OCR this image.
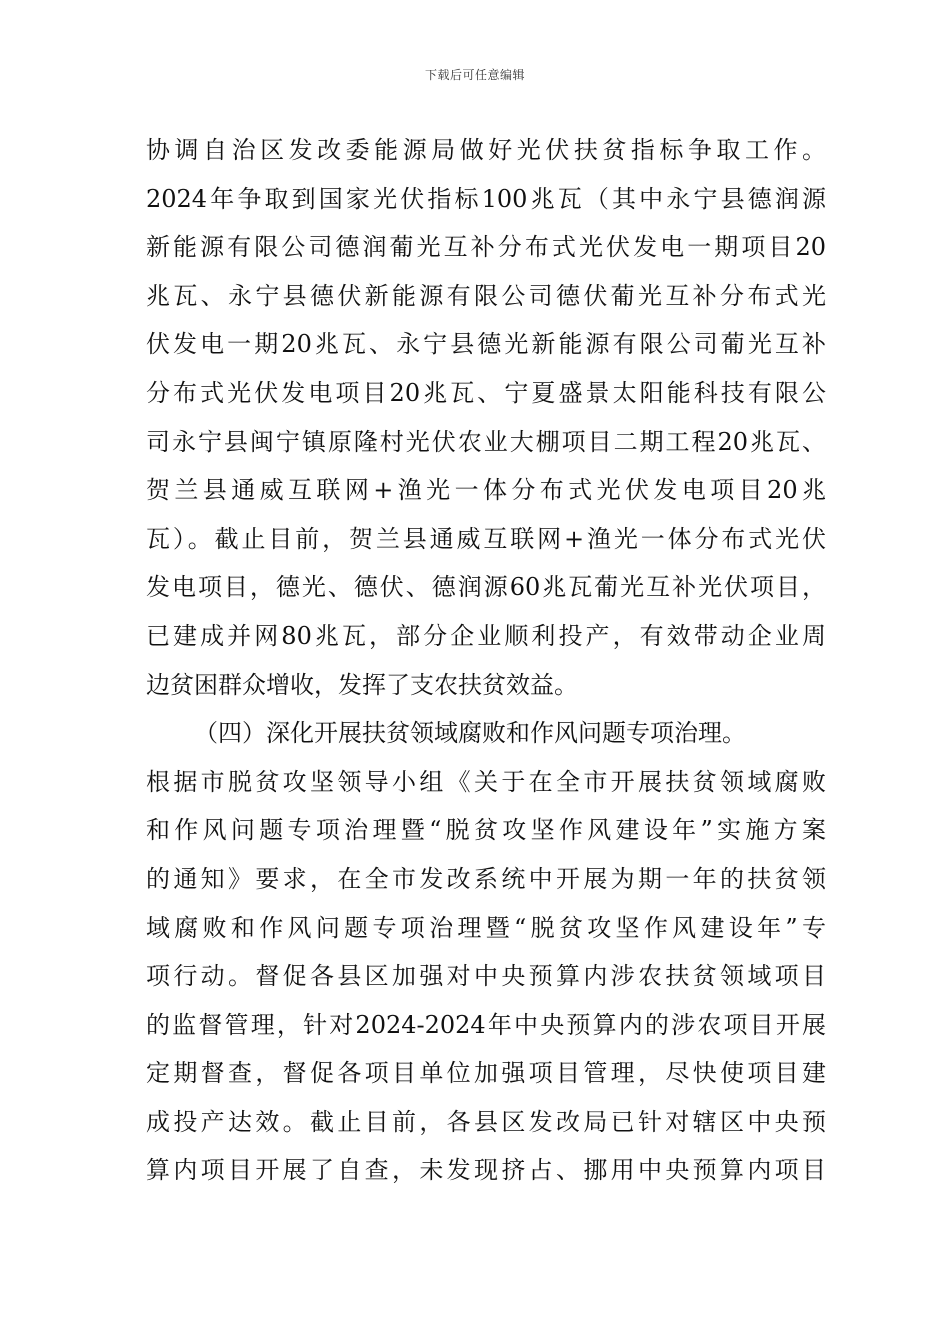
下载后可任意编辑
协调自治区发改委能源局做好光伏扶贫指标争取工作。
2024年争取到国家光伏指标100兆瓦（其中永宁县德润源
新能源有限公司德润葡光互补分布式光伏发电一期项目20
兆瓦、永宁县德伏新能源有限公司德伏葡光互补分布式光
伏发电一期20兆瓦、永宁县德光新能源有限公司葡光互补
分布式光伏发电项目20兆瓦、宁夏盛景太阳能科技有限公
司永宁县闽宁镇原隆村光伏农业大棚项目二期工程20兆瓦、
贺兰县通威互联网+渔光一体分布式光伏发电项目20兆
瓦）。截止目前，贺兰县通威互联网+渔光一体分布式光伏
发电项目，德光、德伏、德润源60兆瓦葡光互补光伏项目，
已建成并网80兆瓦，部分企业顺利投产，有效带动企业周
边贫困群众增收，发挥了支农扶贫效益。
（四）深化开展扶贫领域腐败和作风问题专项治理。
根据市脱贫攻坚领导小组《关于在全市开展扶贫领域腐败
和作风问题专项治理暨“脱贫攻坚作风建设年”实施方案
的通知》要求，在全市发改系统中开展为期一年的扶贫领
域腐败和作风问题专项治理暨“脱贫攻坚作风建设年”专
项行动。督促各县区加强对中央预算内涉农扶贫领域项目
的监督管理，针对2024-2024年中央预算内的涉农项目开展
定期督查，督促各项目单位加强项目管理，尽快使项目建
成投产达效。截止目前，各县区发改局已针对辖区中央预
算内项目开展了自查，未发现挤占、挪用中央预算内项目
